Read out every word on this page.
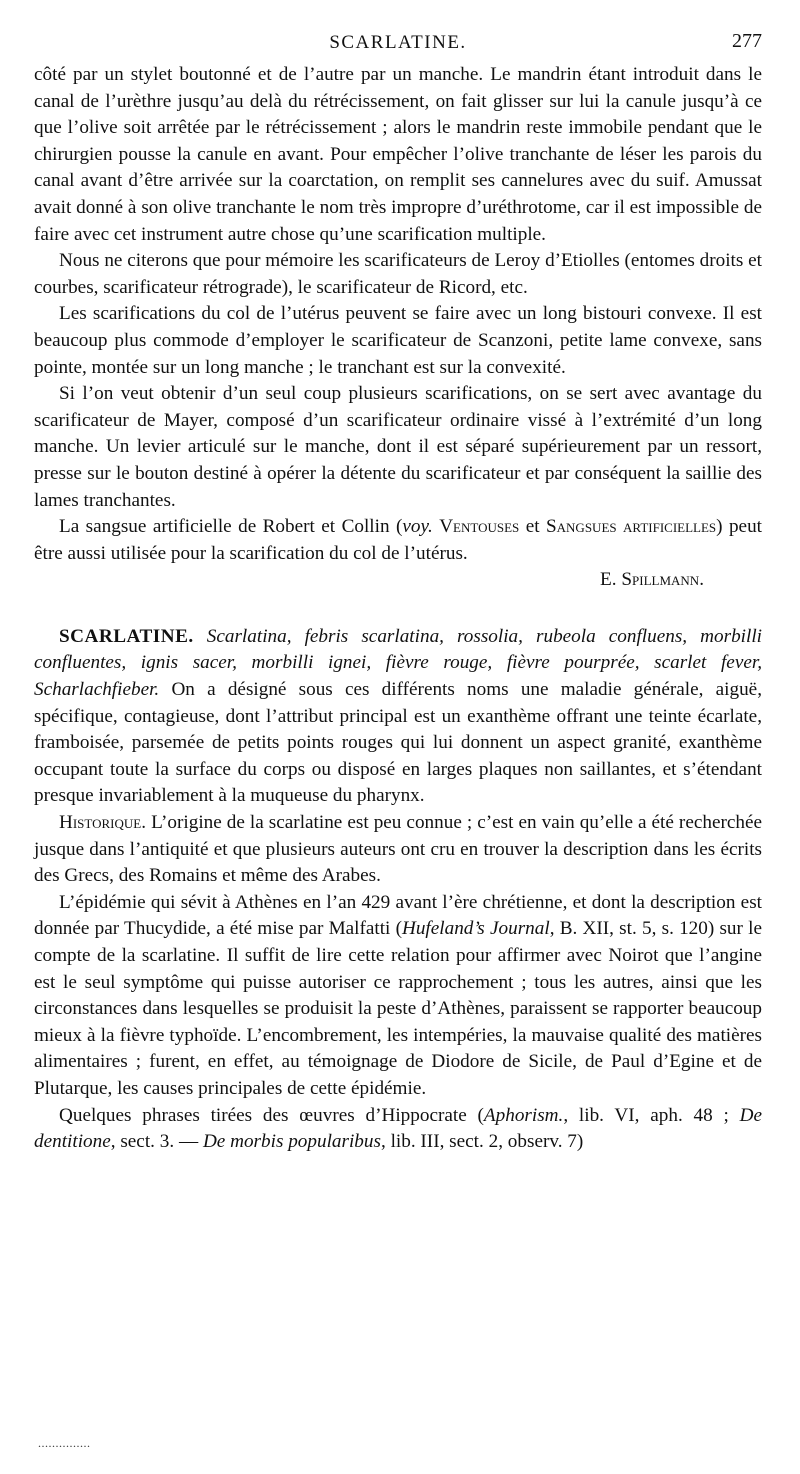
SCARLATINE.	277

côté par un stylet boutonné et de l’autre par un manche. Le mandrin étant introduit dans le canal de l’urèthre jusqu’au delà du rétrécissement, on fait glisser sur lui la canule jusqu’à ce que l’olive soit arrêtée par le rétrécissement ; alors le mandrin reste immobile pendant que le chirurgien pousse la canule en avant. Pour empêcher l’olive tranchante de léser les parois du canal avant d’être arrivée sur la coarctation, on remplit ses cannelures avec du suif. Amussat avait donné à son olive tranchante le nom très impropre d’uréthrotome, car il est impossible de faire avec cet instrument autre chose qu’une scarification multiple.

Nous ne citerons que pour mémoire les scarificateurs de Leroy d’Etiolles (entomes droits et courbes, scarificateur rétrograde), le scarificateur de Ricord, etc.

Les scarifications du col de l’utérus peuvent se faire avec un long bistouri convexe. Il est beaucoup plus commode d’employer le scarificateur de Scanzoni, petite lame convexe, sans pointe, montée sur un long manche ; le tranchant est sur la convexité.

Si l’on veut obtenir d’un seul coup plusieurs scarifications, on se sert avec avantage du scarificateur de Mayer, composé d’un scarificateur ordinaire vissé à l’extrémité d’un long manche. Un levier articulé sur le manche, dont il est séparé supérieurement par un ressort, presse sur le bouton destiné à opérer la détente du scarificateur et par conséquent la saillie des lames tranchantes.

La sangsue artificielle de Robert et Collin (voy. Ventouses et Sangsues artificielles) peut être aussi utilisée pour la scarification du col de l’utérus.

E. Spillmann.

SCARLATINE. Scarlatina, febris scarlatina, rossolia, rubeola confluens, morbilli confluentes, ignis sacer, morbilli ignei, fièvre rouge, fièvre pourprée, scarlet fever, Scharlachfieber. On a désigné sous ces différents noms une maladie générale, aiguë, spécifique, contagieuse, dont l’attribut principal est un exanthème offrant une teinte écarlate, framboisée, parsemée de petits points rouges qui lui donnent un aspect granité, exanthème occupant toute la surface du corps ou disposé en larges plaques non saillantes, et s’étendant presque invariablement à la muqueuse du pharynx.

Historique. L’origine de la scarlatine est peu connue ; c’est en vain qu’elle a été recherchée jusque dans l’antiquité et que plusieurs auteurs ont cru en trouver la description dans les écrits des Grecs, des Romains et même des Arabes.

L’épidémie qui sévit à Athènes en l’an 429 avant l’ère chrétienne, et dont la description est donnée par Thucydide, a été mise par Malfatti (Hufeland’s Journal, B. XII, st. 5, s. 120) sur le compte de la scarlatine. Il suffit de lire cette relation pour affirmer avec Noirot que l’angine est le seul symptôme qui puisse autoriser ce rapprochement ; tous les autres, ainsi que les circonstances dans lesquelles se produisit la peste d’Athènes, paraissent se rapporter beaucoup mieux à la fièvre typhoïde. L’encombrement, les intempéries, la mauvaise qualité des matières alimentaires ; furent, en effet, au témoignage de Diodore de Sicile, de Paul d’Egine et de Plutarque, les causes principales de cette épidémie.

Quelques phrases tirées des œuvres d’Hippocrate (Aphorism., lib. VI, aph. 48 ; De dentitione, sect. 3. — De morbis popularibus, lib. III, sect. 2, observ. 7)

...............
